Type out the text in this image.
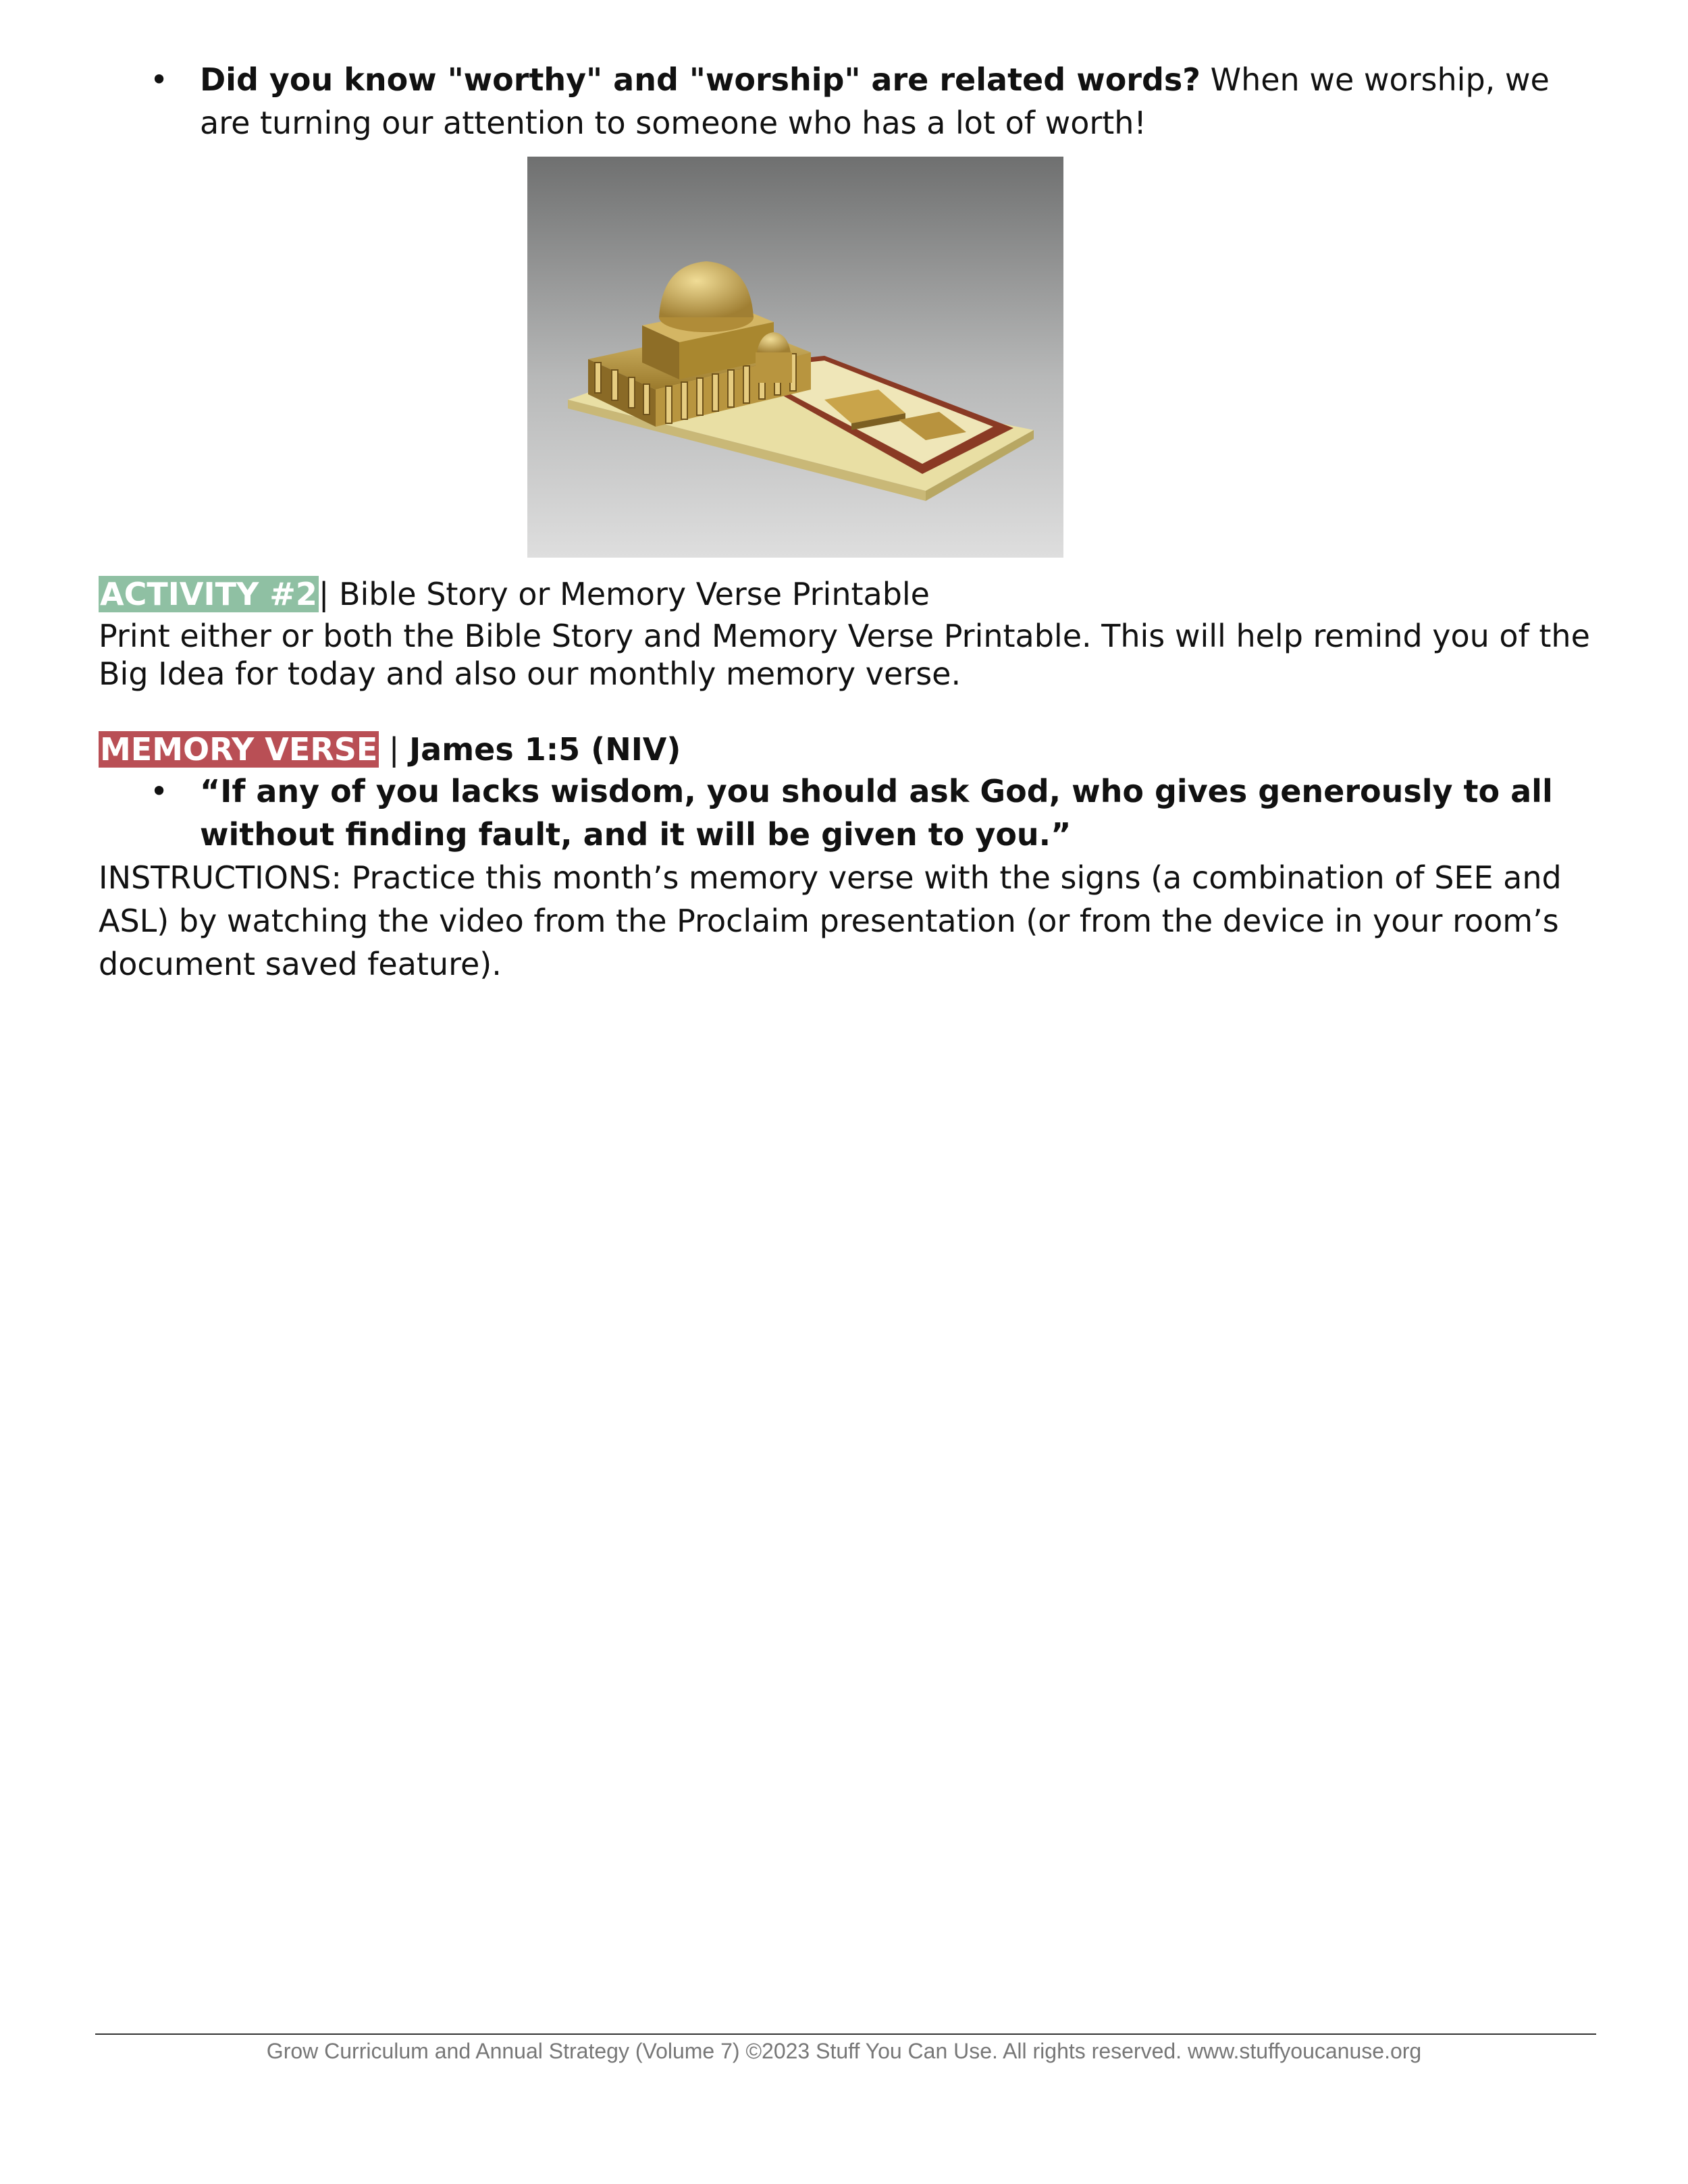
•	Did you know "worthy" and "worship" are related words? When we worship, we are turning our attention to someone who has a lot of worth!
ACTIVITY #2| Bible Story or Memory Verse Printable
Print either or both the Bible Story and Memory Verse Printable. This will help remind you of the Big Idea for today and also our monthly memory verse.
MEMORY VERSE | James 1:5 (NIV)
•	“If any of you lacks wisdom, you should ask God, who gives generously to all without finding fault, and it will be given to you.”
INSTRUCTIONS: Practice this month’s memory verse with the signs (a combination of SEE and ASL) by watching the video from the Proclaim presentation (or from the device in your room’s document saved feature).
Grow Curriculum and Annual Strategy (Volume 7) ©2023 Stuff You Can Use. All rights reserved. www.stuffyoucanuse.org
